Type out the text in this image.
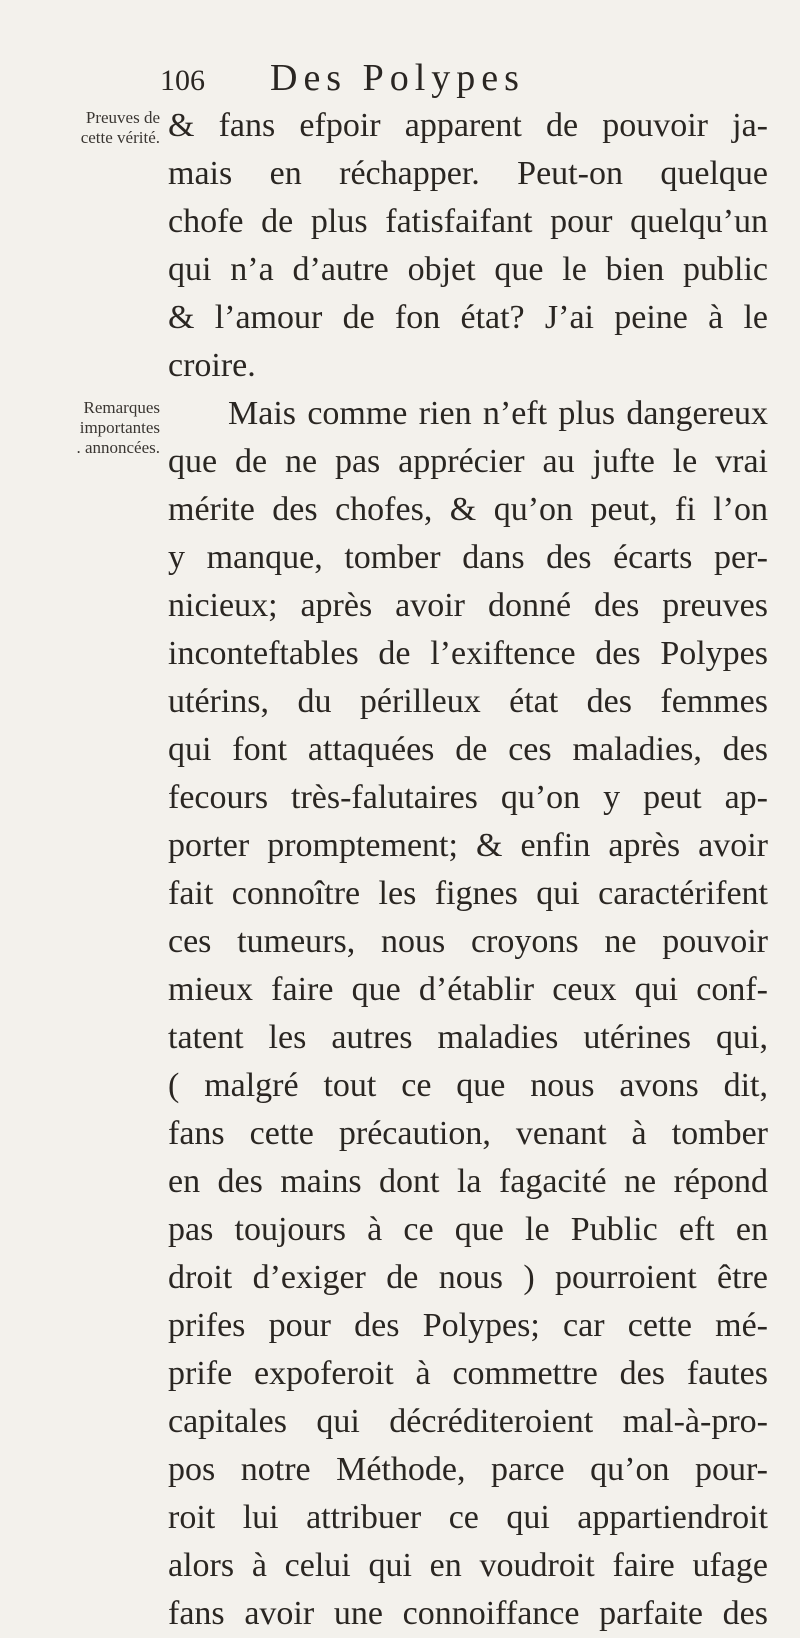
106 Des Polypes
Preuves de
cette vérité.
Remarques
importantes
. annoncées.
& fans efpoir apparent de pouvoir ja-
mais en réchapper. Peut-on quelque
chofe de plus fatisfaifant pour quelqu’un
qui n’a d’autre objet que le bien public
& l’amour de fon état? J’ai peine à le
croire.
Mais comme rien n’eft plus dangereux
que de ne pas apprécier au jufte le vrai
mérite des chofes, & qu’on peut, fi l’on
y manque, tomber dans des écarts per-
nicieux; après avoir donné des preuves
inconteftables de l’exiftence des Polypes
utérins, du périlleux état des femmes
qui font attaquées de ces maladies, des
fecours très-falutaires qu’on y peut ap-
porter promptement; & enfin après avoir
fait connoître les fignes qui caractérifent
ces tumeurs, nous croyons ne pouvoir
mieux faire que d’établir ceux qui conf-
tatent les autres maladies utérines qui,
( malgré tout ce que nous avons dit,
fans cette précaution, venant à tomber
en des mains dont la fagacité ne répond
pas toujours à ce que le Public eft en
droit d’exiger de nous ) pourroient être
prifes pour des Polypes; car cette mé-
prife expoferoit à commettre des fautes
capitales qui décréditeroient mal-à-pro-
pos notre Méthode, parce qu’on pour-
roit lui attribuer ce qui appartiendroit
alors à celui qui en voudroit faire ufage
fans avoir une connoiffance parfaite des
